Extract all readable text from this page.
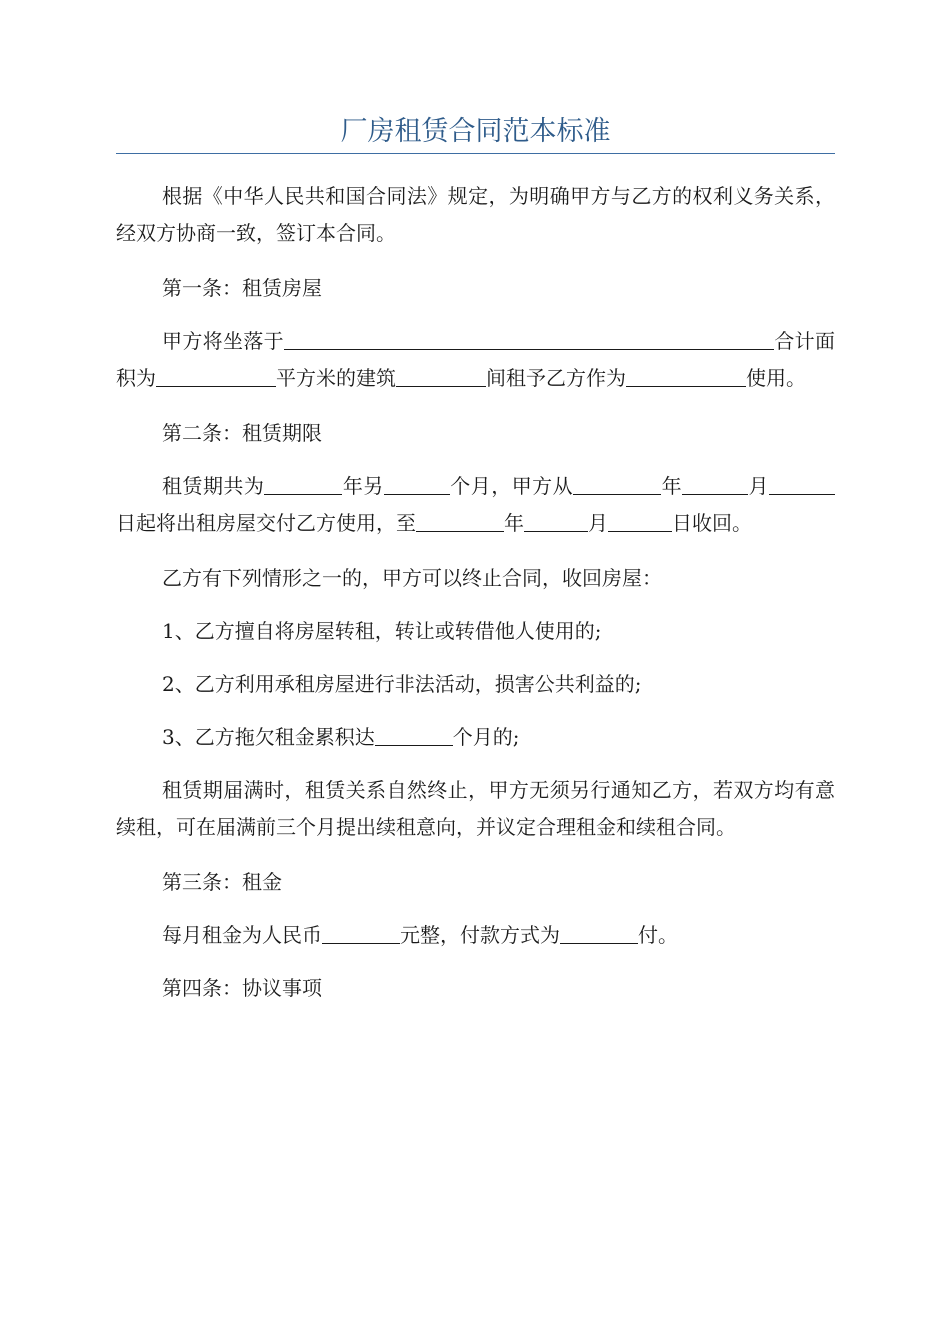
厂房租赁合同范本标准

根据《中华人民共和国合同法》规定，为明确甲方与乙方的权利义务关系，经双方协商一致，签订本合同。

第一条：租赁房屋

甲方将坐落于	合计面积为	平方米的建筑	间租予乙方作为	使用。

第二条：租赁期限

租赁期共为	年另	个月，甲方从	年	月日起将出租房屋交付乙方使用，至	年	月	日收回。

乙方有下列情形之一的，甲方可以终止合同，收回房屋：

1、乙方擅自将房屋转租，转让或转借他人使用的;

2、乙方利用承租房屋进行非法活动，损害公共利益的;

3、乙方拖欠租金累积达	个月的;

租赁期届满时，租赁关系自然终止，甲方无须另行通知乙方，若双方均有意续租，可在届满前三个月提出续租意向，并议定合理租金和续租合同。

第三条：租金

每月租金为人民币	元整，付款方式为	付。

第四条：协议事项
